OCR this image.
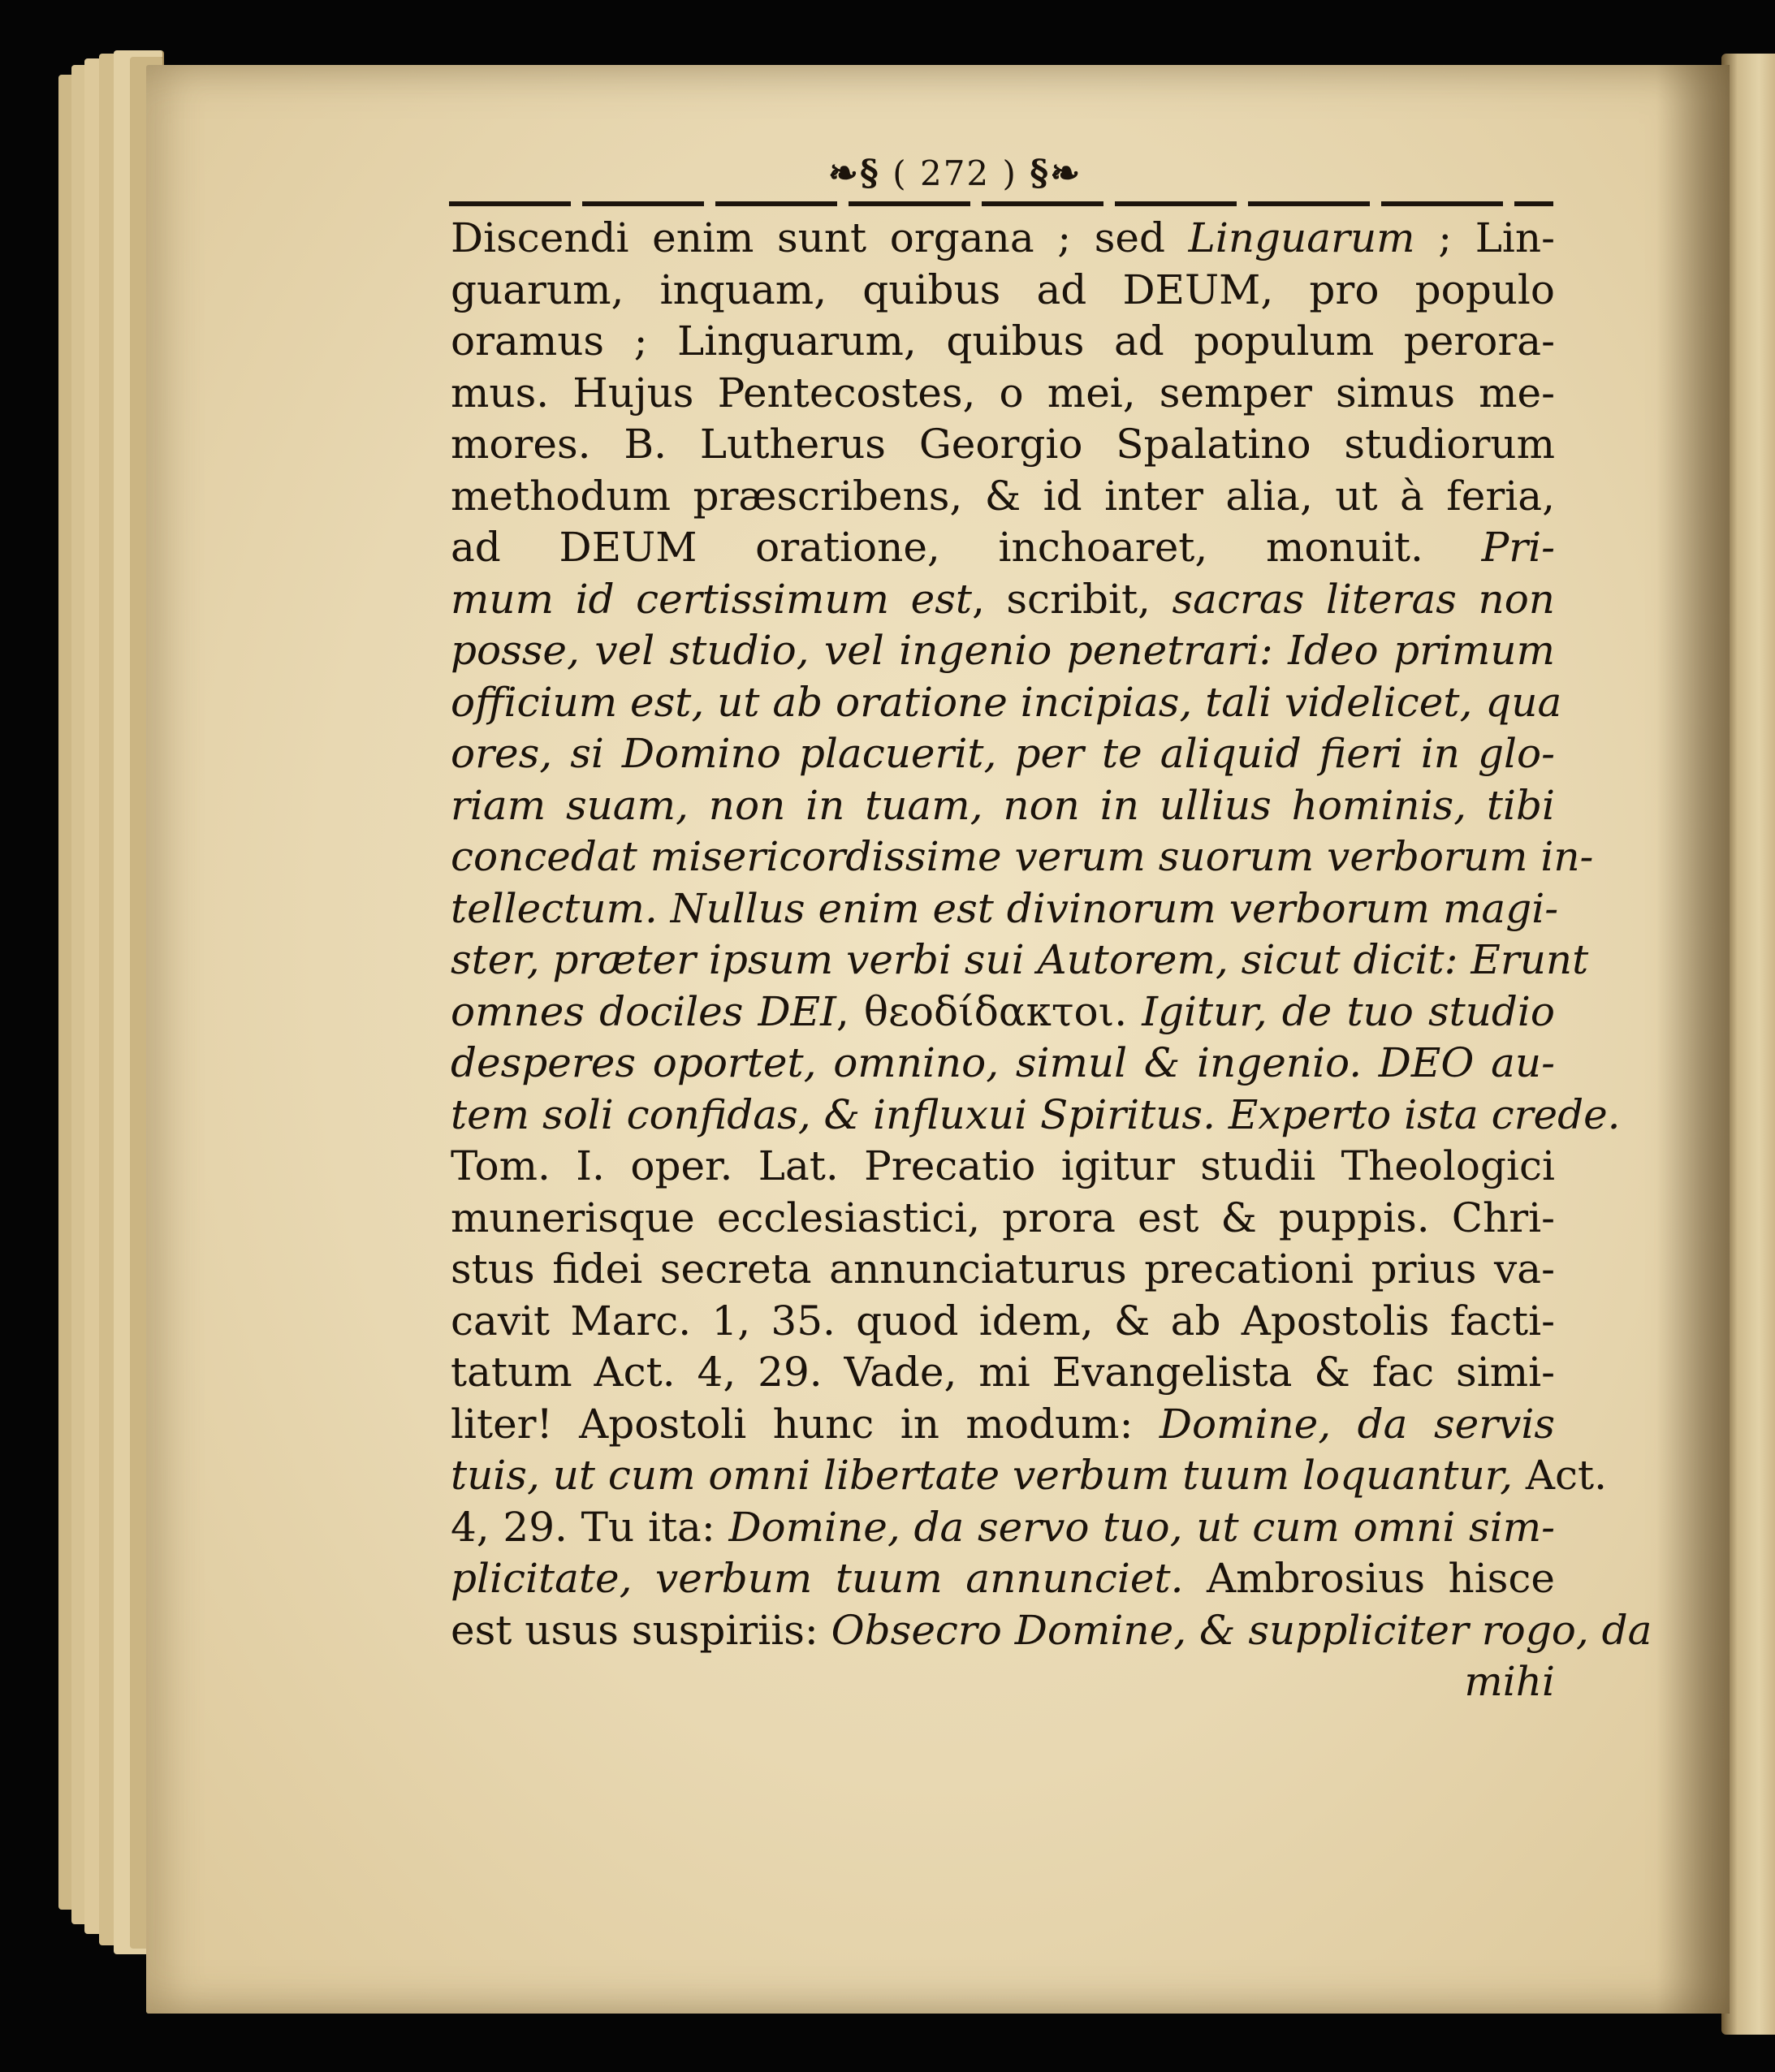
❧§ ( 272 ) §❧
Discendi enim sunt organa ; sed Linguarum ; Lin-
guarum, inquam, quibus ad DEUM, pro populo
oramus ; Linguarum, quibus ad populum perora-
mus. Hujus Pentecostes, o mei, semper simus me-
mores. B. Lutherus Georgio Spalatino studiorum
methodum præscribens, & id inter alia, ut à feria,
ad DEUM oratione, inchoaret, monuit. Pri-
mum id certissimum est, scribit, sacras literas non
posse, vel studio, vel ingenio penetrari: Ideo primum
officium est, ut ab oratione incipias, tali videlicet, qua
ores, si Domino placuerit, per te aliquid fieri in glo-
riam suam, non in tuam, non in ullius hominis, tibi
concedat misericordissime verum suorum verborum in-
tellectum. Nullus enim est divinorum verborum magi-
ster, præter ipsum verbi sui Autorem, sicut dicit: Erunt
omnes dociles DEI, θεοδίδακτοι. Igitur, de tuo studio
desperes oportet, omnino, simul & ingenio. DEO au-
tem soli confidas, & influxui Spiritus. Experto ista crede.
Tom. I. oper. Lat. Precatio igitur studii Theologici
munerisque ecclesiastici, prora est & puppis. Chri-
stus fidei secreta annunciaturus precationi prius va-
cavit Marc. 1, 35. quod idem, & ab Apostolis facti-
tatum Act. 4, 29. Vade, mi Evangelista & fac simi-
liter! Apostoli hunc in modum: Domine, da servis
tuis, ut cum omni libertate verbum tuum loquantur, Act.
4, 29. Tu ita: Domine, da servo tuo, ut cum omni sim-
plicitate, verbum tuum annunciet. Ambrosius hisce
est usus suspiriis: Obsecro Domine, & suppliciter rogo, da
mihi
